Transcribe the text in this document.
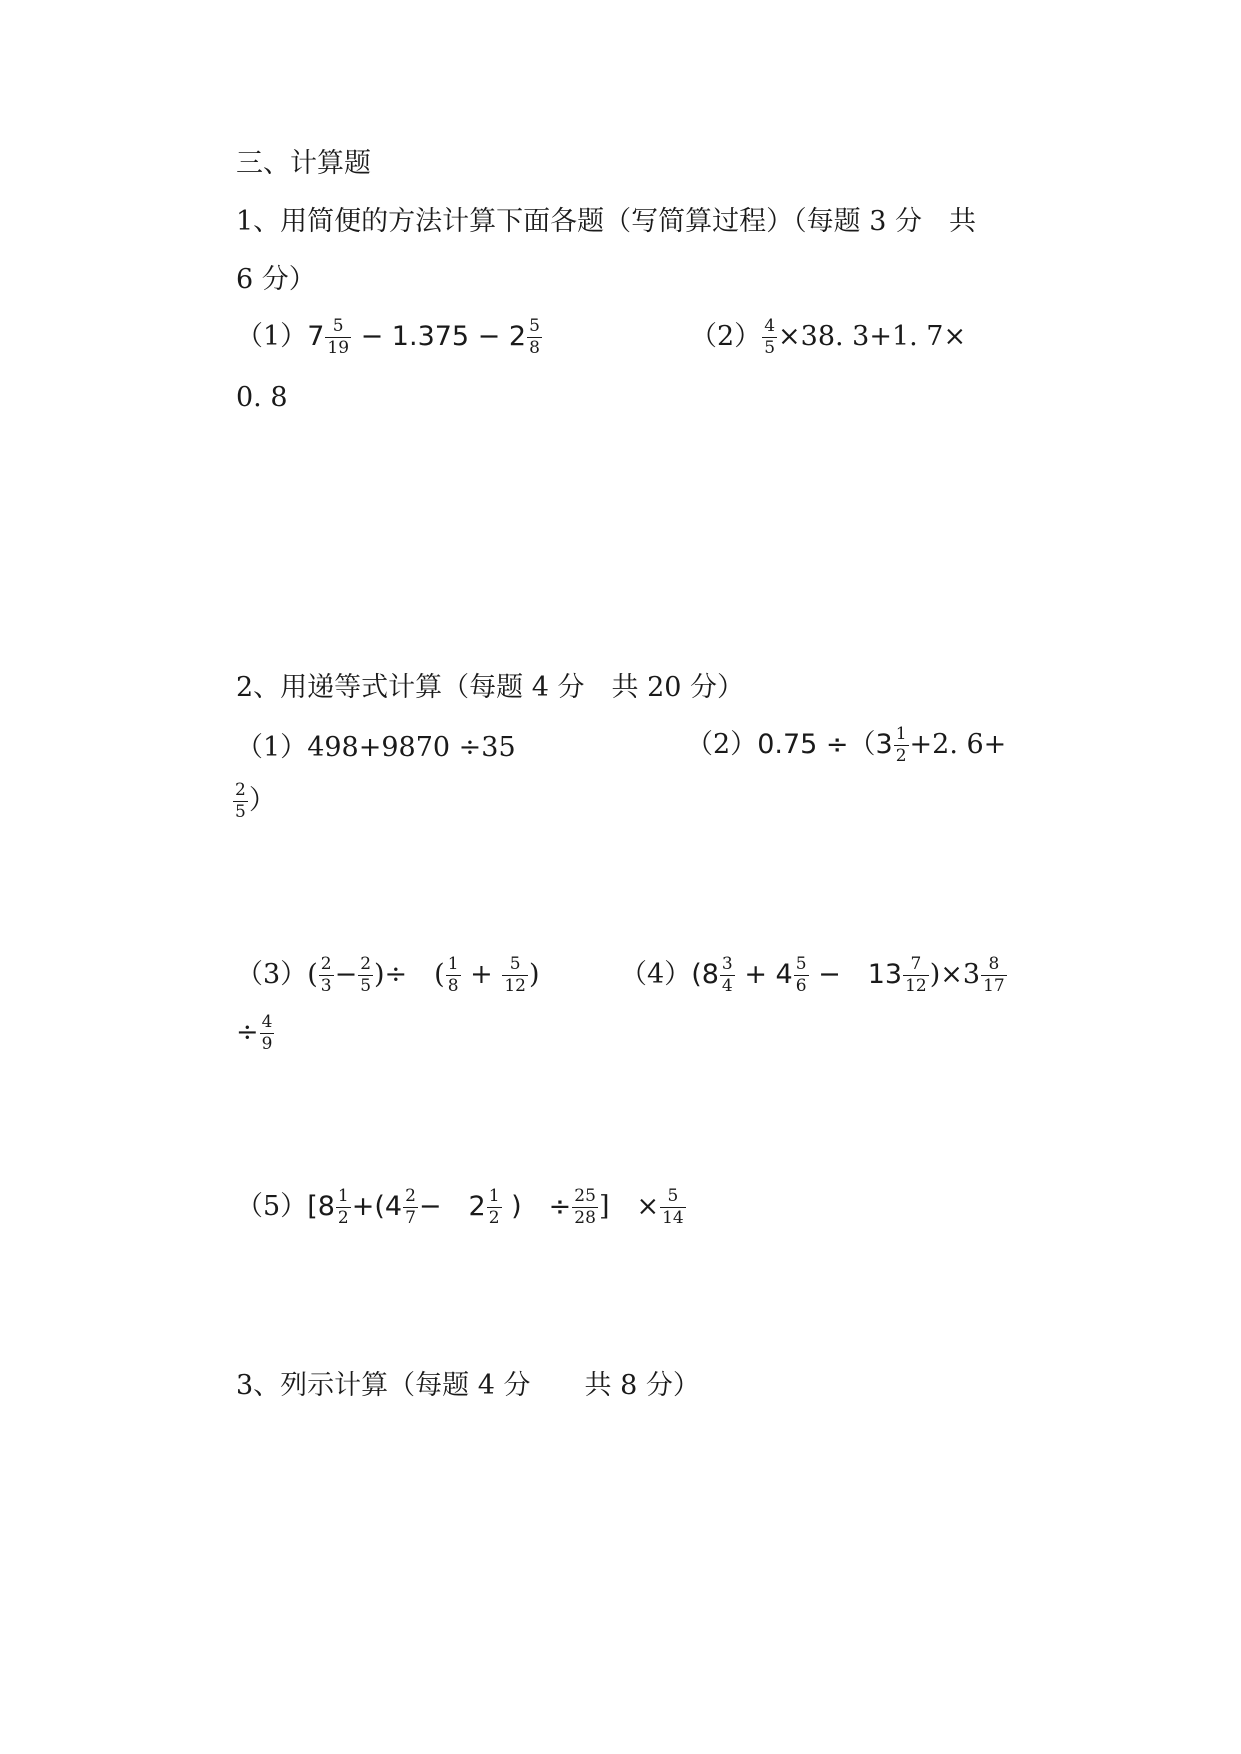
三、计算题
1、用简便的方法计算下面各题（写简算过程）（每题 3 分　共
6 分）
$(1)7 \frac{5}{19} - 1.375 - 2 \frac{5}{8}$	$(2) \frac{4}{5} \times 38$. 3+1. 7×
0. 8
2、用递等式计算（每题 4 分　共 20 分）
（1）498+9870 ÷35	$(2)0.75 \div(3 \frac{1}{2} +2$. 6+
$\frac{2}{5}$ ）
$(3)( \frac{2}{3} - \frac{2}{5}$ )÷　( $\frac{1}{8} + \frac{5}{12}$ )	$(4)(8 \frac{3}{4} + 4 \frac{5}{6}$ −　$13 \frac{7}{12} )\times 3 \frac{8}{17}$
÷ $\frac{4}{9}$
$(5)[8 \frac{1}{2} +(4 \frac{2}{7}$ −　$2 \frac{1}{2}$ )　÷ $\frac{25}{28}$ ]　× $\frac{5}{14}$
3、列示计算（每题 4 分　　共 8 分）
